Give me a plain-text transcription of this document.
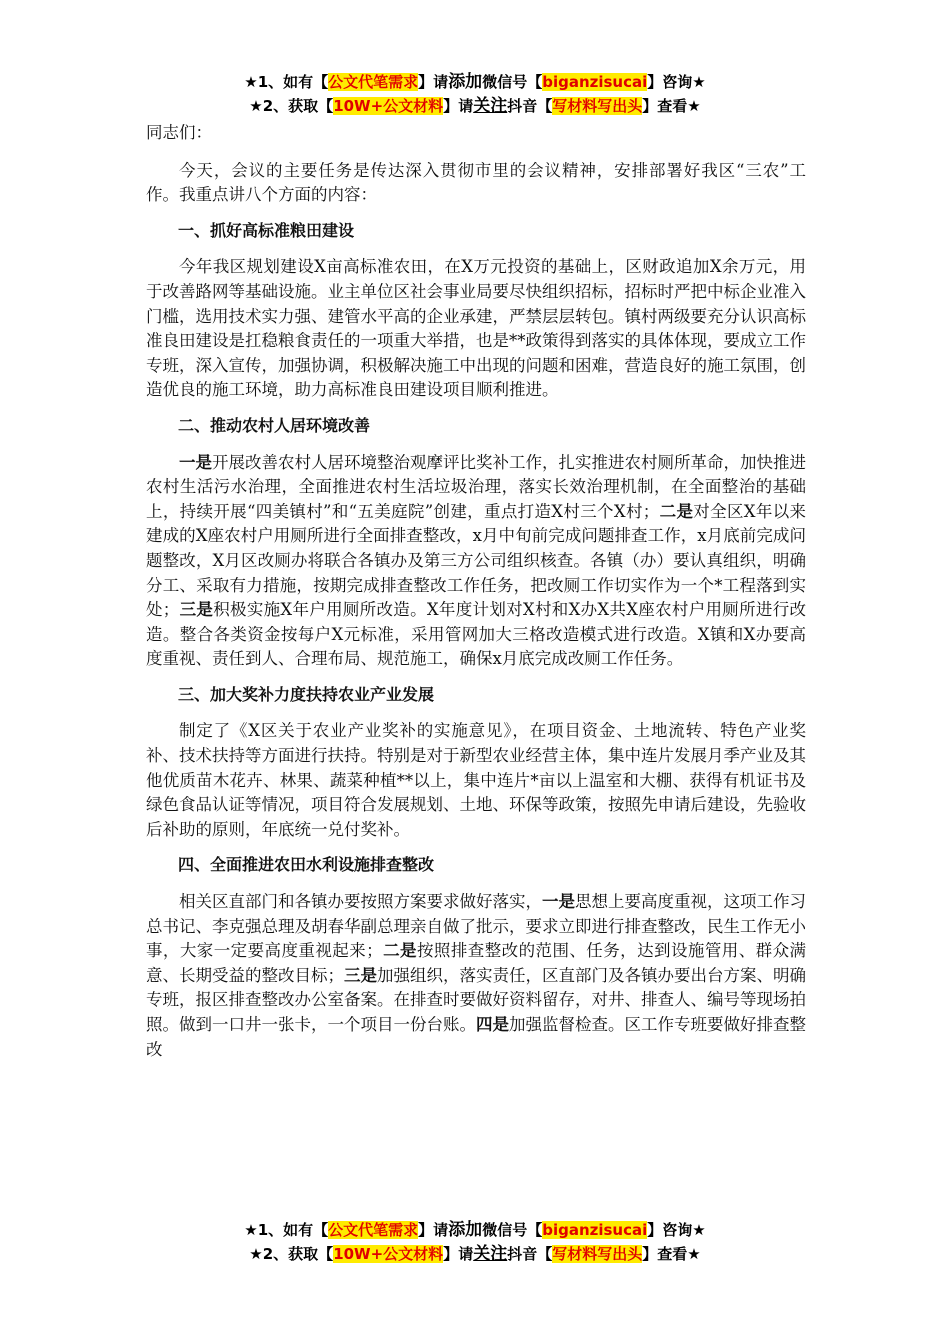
★1、如有【公文代笔需求】请添加微信号【biganzisucai】咨询★
★2、获取【10W+公文材料】请关注抖音【写材料写出头】查看★

同志们：

今天，会议的主要任务是传达深入贯彻市里的会议精神，安排部署好我区“三农”工作。我重点讲八个方面的内容：

一、抓好高标准粮田建设

今年我区规划建设X亩高标准农田，在X万元投资的基础上，区财政追加X余万元，用于改善路网等基础设施。业主单位区社会事业局要尽快组织招标，招标时严把中标企业准入门槛，选用技术实力强、建管水平高的企业承建，严禁层层转包。镇村两级要充分认识高标准良田建设是扛稳粮食责任的一项重大举措，也是**政策得到落实的具体体现，要成立工作专班，深入宣传，加强协调，积极解决施工中出现的问题和困难，营造良好的施工氛围，创造优良的施工环境，助力高标准良田建设项目顺利推进。

二、推动农村人居环境改善

一是开展改善农村人居环境整治观摩评比奖补工作，扎实推进农村厕所革命，加快推进农村生活污水治理，全面推进农村生活垃圾治理，落实长效治理机制，在全面整治的基础上，持续开展“四美镇村”和“五美庭院”创建，重点打造X村三个X村；二是对全区X年以来建成的X座农村户用厕所进行全面排查整改，x月中旬前完成问题排查工作，x月底前完成问题整改，X月区改厕办将联合各镇办及第三方公司组织核查。各镇（办）要认真组织，明确分工、采取有力措施，按期完成排查整改工作任务，把改厕工作切实作为一个*工程落到实处；三是积极实施X年户用厕所改造。X年度计划对X村和X办X共X座农村户用厕所进行改造。整合各类资金按每户X元标准，采用管网加大三格改造模式进行改造。X镇和X办要高度重视、责任到人、合理布局、规范施工，确保x月底完成改厕工作任务。

三、加大奖补力度扶持农业产业发展

制定了《X区关于农业产业奖补的实施意见》，在项目资金、土地流转、特色产业奖补、技术扶持等方面进行扶持。特别是对于新型农业经营主体，集中连片发展月季产业及其他优质苗木花卉、林果、蔬菜种植**以上，集中连片*亩以上温室和大棚、获得有机证书及绿色食品认证等情况，项目符合发展规划、土地、环保等政策，按照先申请后建设，先验收后补助的原则，年底统一兑付奖补。

四、全面推进农田水利设施排查整改

相关区直部门和各镇办要按照方案要求做好落实，一是思想上要高度重视，这项工作习总书记、李克强总理及胡春华副总理亲自做了批示，要求立即进行排查整改，民生工作无小事，大家一定要高度重视起来；二是按照排查整改的范围、任务，达到设施管用、群众满意、长期受益的整改目标；三是加强组织，落实责任，区直部门及各镇办要出台方案、明确专班，报区排查整改办公室备案。在排查时要做好资料留存，对井、排查人、编号等现场拍照。做到一口井一张卡，一个项目一份台账。四是加强监督检查。区工作专班要做好排查整改

★1、如有【公文代笔需求】请添加微信号【biganzisucai】咨询★
★2、获取【10W+公文材料】请关注抖音【写材料写出头】查看★
